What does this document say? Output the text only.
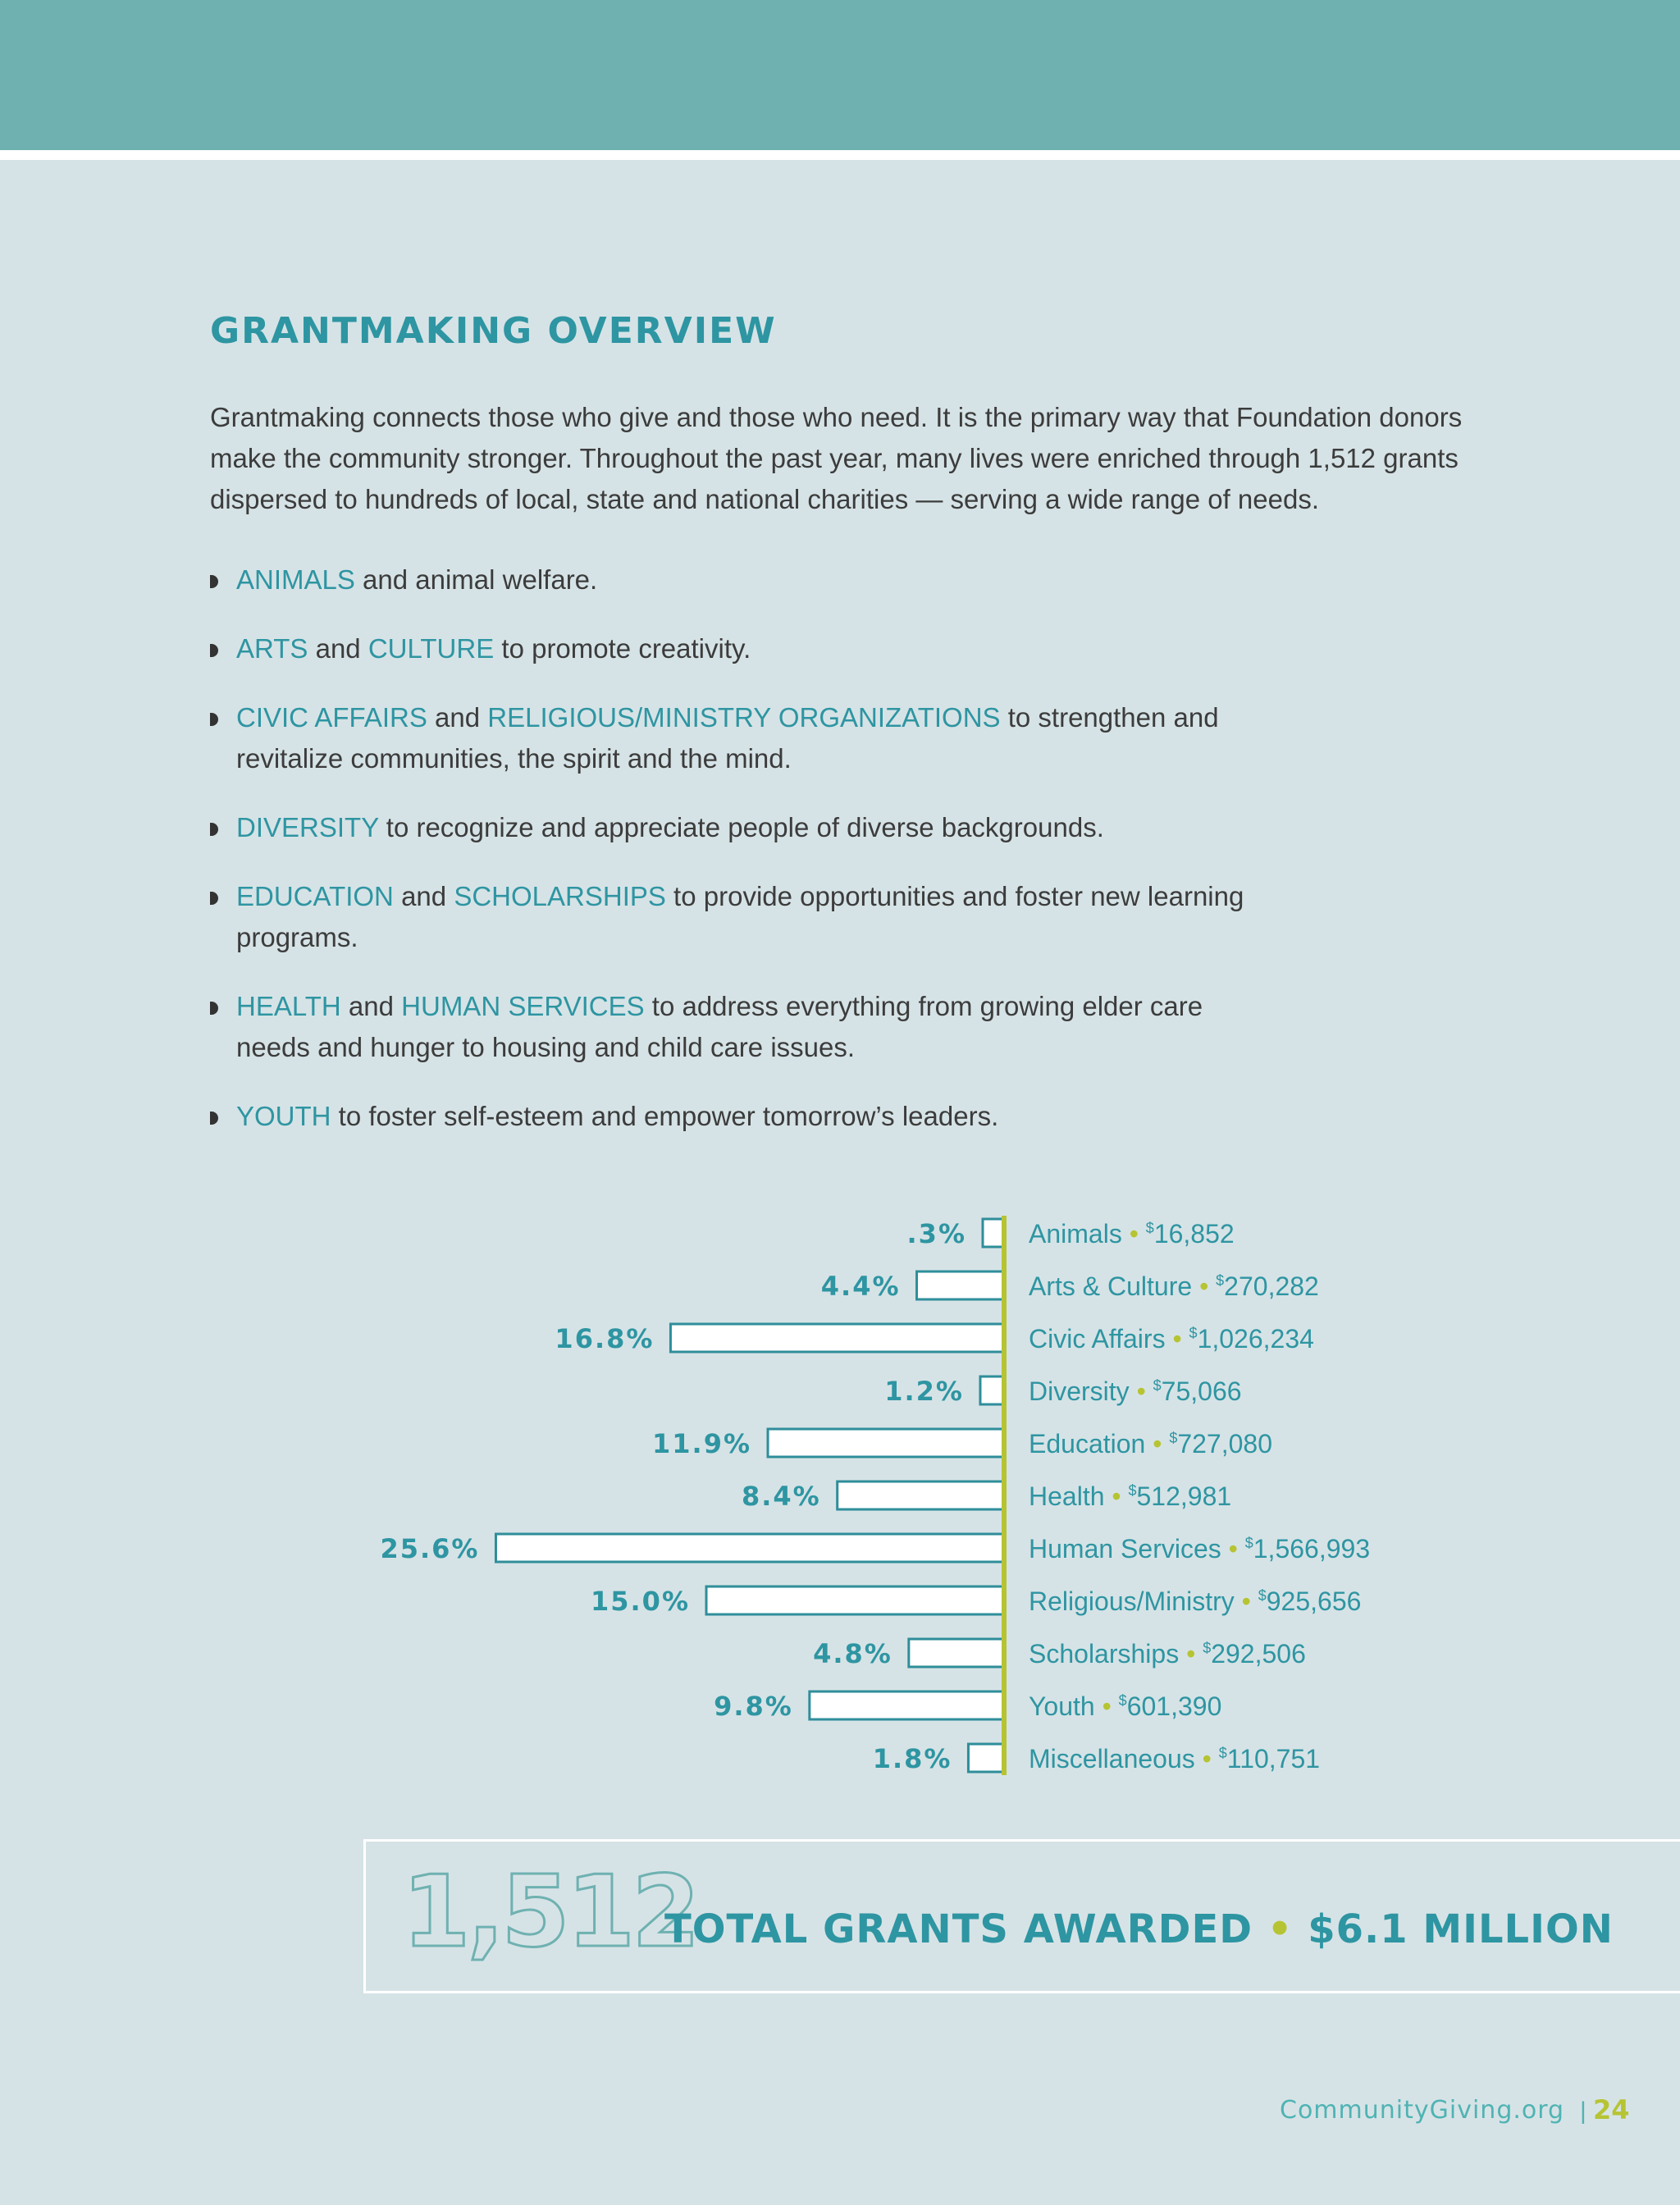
GRANTMAKING OVERVIEW
Grantmaking connects those who give and those who need. It is the primary way that Foundation donors make the community stronger. Throughout the past year, many lives were enriched through 1,512 grants dispersed to hundreds of local, state and national charities — serving a wide range of needs.
ANIMALS and animal welfare.
ARTS and CULTURE to promote creativity.
CIVIC AFFAIRS and RELIGIOUS/MINISTRY ORGANIZATIONS to strengthen and revitalize communities, the spirit and the mind.
DIVERSITY to recognize and appreciate people of diverse backgrounds.
EDUCATION and SCHOLARSHIPS to provide opportunities and foster new learning programs.
HEALTH and HUMAN SERVICES to address everything from growing elder care needs and hunger to housing and child care issues.
YOUTH to foster self-esteem and empower tomorrow’s leaders.
.3% Animals • $16,852
4.4%	Arts & Culture • $270,282
16.8%	Civic Affairs • $1,026,234
1.2% Diversity • $75,066
11.9%	Education • $727,080
8.4%	Health • $512,981
25.6%	Human Services • $1,566,993
15.0%	Religious/Ministry • $925,656
4.8%	Scholarships • $292,506
9.8%	Youth • $601,390
1.8%	Miscellaneous • $110,751
1,512
TOTAL GRANTS AWARDED • $6.1 MILLION
CommunityGiving.org | 24
